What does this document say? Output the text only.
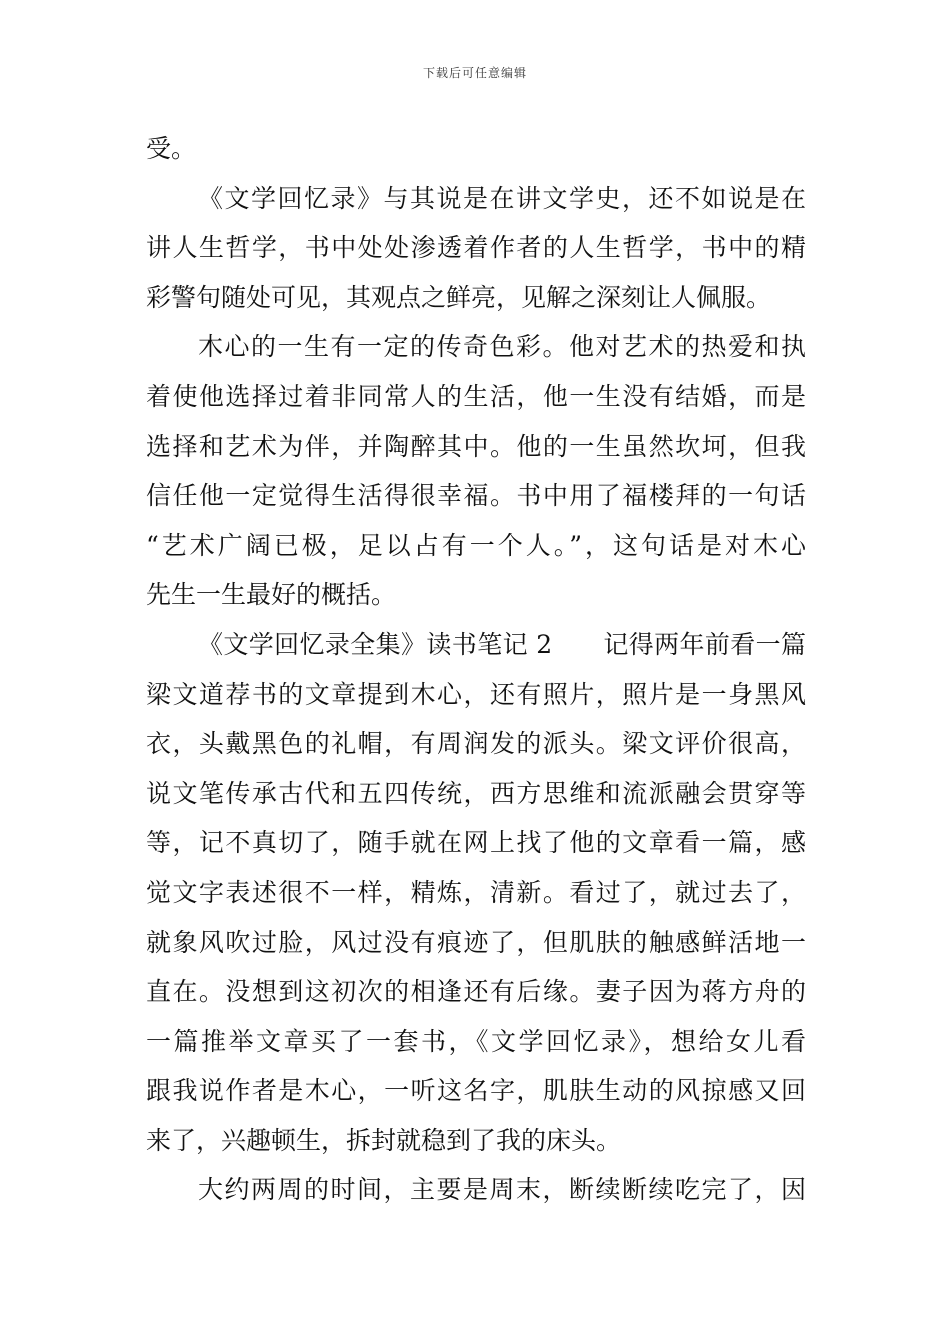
下载后可任意编辑
受。
《文学回忆录》与其说是在讲文学史，还不如说是在
讲人生哲学，书中处处渗透着作者的人生哲学，书中的精
彩警句随处可见，其观点之鲜亮，见解之深刻让人佩服。
木心的一生有一定的传奇色彩。他对艺术的热爱和执
着使他选择过着非同常人的生活，他一生没有结婚，而是
选择和艺术为伴，并陶醉其中。他的一生虽然坎坷，但我
信任他一定觉得生活得很幸福。书中用了福楼拜的一句话
“艺术广阔已极，足以占有一个人。”，这句话是对木心
先生一生最好的概括。
《文学回忆录全集》读书笔记 2　　记得两年前看一篇
梁文道荐书的文章提到木心，还有照片，照片是一身黑风
衣，头戴黑色的礼帽，有周润发的派头。梁文评价很高，
说文笔传承古代和五四传统，西方思维和流派融会贯穿等
等，记不真切了，随手就在网上找了他的文章看一篇，感
觉文字表述很不一样，精炼，清新。看过了，就过去了，
就象风吹过脸，风过没有痕迹了，但肌肤的触感鲜活地一
直在。没想到这初次的相逢还有后缘。妻子因为蒋方舟的
一篇推举文章买了一套书，《文学回忆录》，想给女儿看
跟我说作者是木心，一听这名字，肌肤生动的风掠感又回
来了，兴趣顿生，拆封就稳到了我的床头。
大约两周的时间，主要是周末，断续断续吃完了，因
